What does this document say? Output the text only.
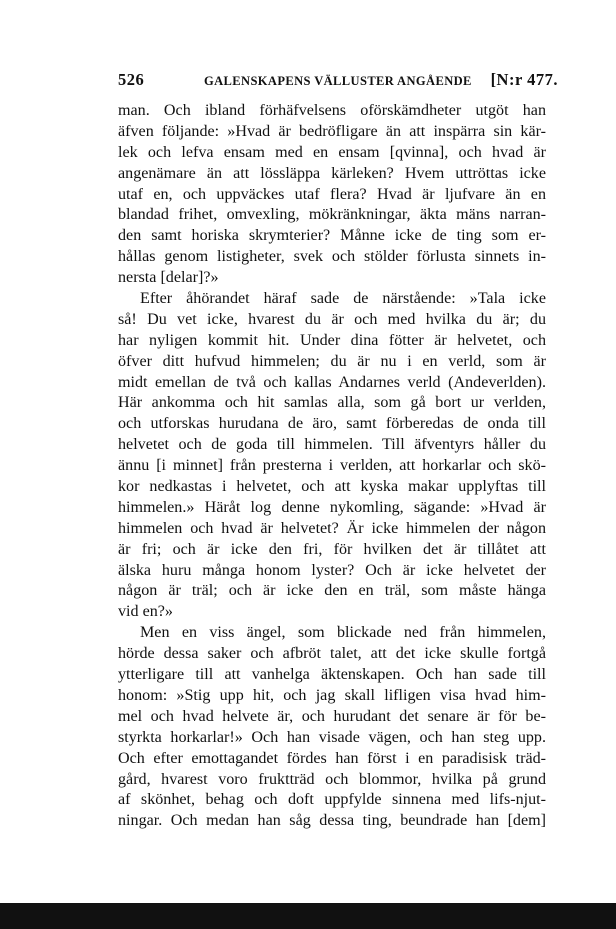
526	GALENSKAPENS VÄLLUSTER ANGÅENDE [N:r 477.
man. Och ibland förhäfvelsens oförskämdheter utgöt han
äfven följande: »Hvad är bedröfligare än att inspärra sin kär-
lek och lefva ensam med en ensam [qvinna], och hvad är
angenämare än att lössläppa kärleken? Hvem uttröttas icke
utaf en, och uppväckes utaf flera? Hvad är ljufvare än en
blandad frihet, omvexling, mökränkningar, äkta mäns narran-
den samt horiska skrymterier? Månne icke de ting som er-
hållas genom listigheter, svek och stölder förlusta sinnets in-
nersta [delar]?»
Efter åhörandet häraf sade de närstående: »Tala icke
så! Du vet icke, hvarest du är och med hvilka du är; du
har nyligen kommit hit. Under dina fötter är helvetet, och
öfver ditt hufvud himmelen; du är nu i en verld, som är
midt emellan de två och kallas Andarnes verld (Andeverlden).
Här ankomma och hit samlas alla, som gå bort ur verlden,
och utforskas hurudana de äro, samt förberedas de onda till
helvetet och de goda till himmelen. Till äfventyrs håller du
ännu [i minnet] från presterna i verlden, att horkarlar och skö-
kor nedkastas i helvetet, och att kyska makar upplyftas till
himmelen.» Häråt log denne nykomling, sägande: »Hvad är
himmelen och hvad är helvetet? Är icke himmelen der någon
är fri; och är icke den fri, för hvilken det är tillåtet att
älska huru många honom lyster? Och är icke helvetet der
någon är träl; och är icke den en träl, som måste hänga
vid en?»
Men en viss ängel, som blickade ned från himmelen,
hörde dessa saker och afbröt talet, att det icke skulle fortgå
ytterligare till att vanhelga äktenskapen. Och han sade till
honom: »Stig upp hit, och jag skall lifligen visa hvad him-
mel och hvad helvete är, och hurudant det senare är för be-
styrkta horkarlar!» Och han visade vägen, och han steg upp.
Och efter emottagandet fördes han först i en paradisisk träd-
gård, hvarest voro fruktträd och blommor, hvilka på grund
af skönhet, behag och doft uppfylde sinnena med lifs-njut-
ningar. Och medan han såg dessa ting, beundrade han [dem]
